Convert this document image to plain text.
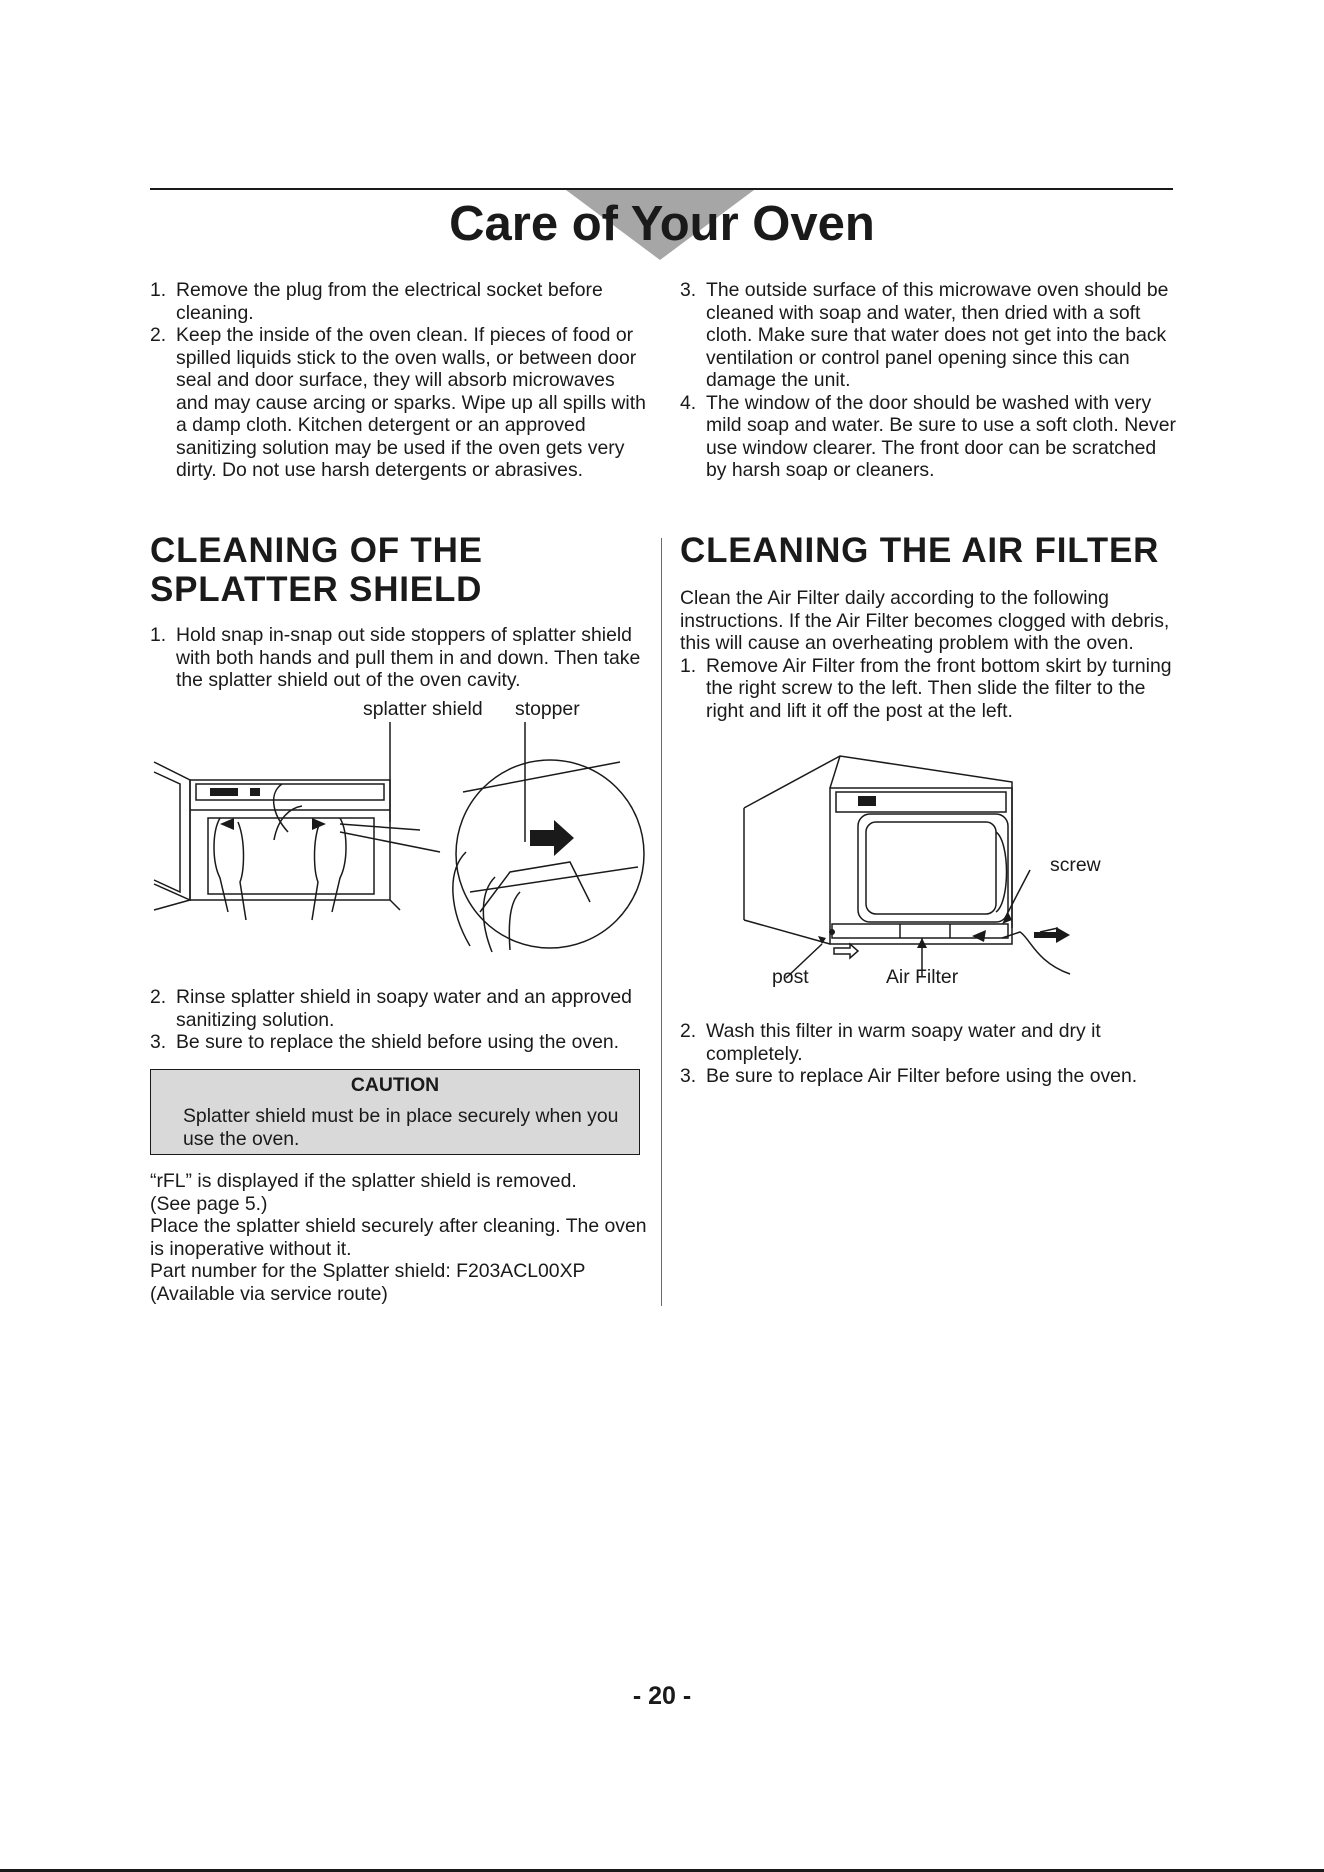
Care of Your Oven
1. Remove the plug from the electrical socket before cleaning.
2. Keep the inside of the oven clean. If pieces of food or spilled liquids stick to the oven walls, or between door seal and door surface, they will absorb microwaves and may cause arcing or sparks. Wipe up all spills with a damp cloth. Kitchen detergent or an approved sanitizing solution may be used if the oven gets very dirty. Do not use harsh detergents or abrasives.
3. The outside surface of this microwave oven should be cleaned with soap and water, then dried with a soft cloth. Make sure that water does not get into the back ventilation or control panel opening since this can damage the unit.
4. The window of the door should be washed with very mild soap and water. Be sure to use a soft cloth. Never use window clearer. The front door can be scratched by harsh soap or cleaners.
CLEANING OF THE
SPLATTER SHIELD
1. Hold snap in-snap out side stoppers of splatter shield with both hands and pull them in and down. Then take the splatter shield out of the oven cavity.
splatter shield stopper
2. Rinse splatter shield in soapy water and an approved sanitizing solution.
3. Be sure to replace the shield before using the oven.
CAUTION
Splatter shield must be in place securely when you use the oven.
“rFL” is displayed if the splatter shield is removed.
(See page 5.)
Place the splatter shield securely after cleaning. The oven is inoperative without it.
Part number for the Splatter shield: F203ACL00XP
(Available via service route)
CLEANING THE AIR FILTER
Clean the Air Filter daily according to the following instructions. If the Air Filter becomes clogged with debris, this will cause an overheating problem with the oven.
1. Remove Air Filter from the front bottom skirt by turning the right screw to the left. Then slide the filter to the right and lift it off the post at the left.
screw
post	Air Filter
2. Wash this filter in warm soapy water and dry it completely.
3. Be sure to replace Air Filter before using the oven.
- 20 -
